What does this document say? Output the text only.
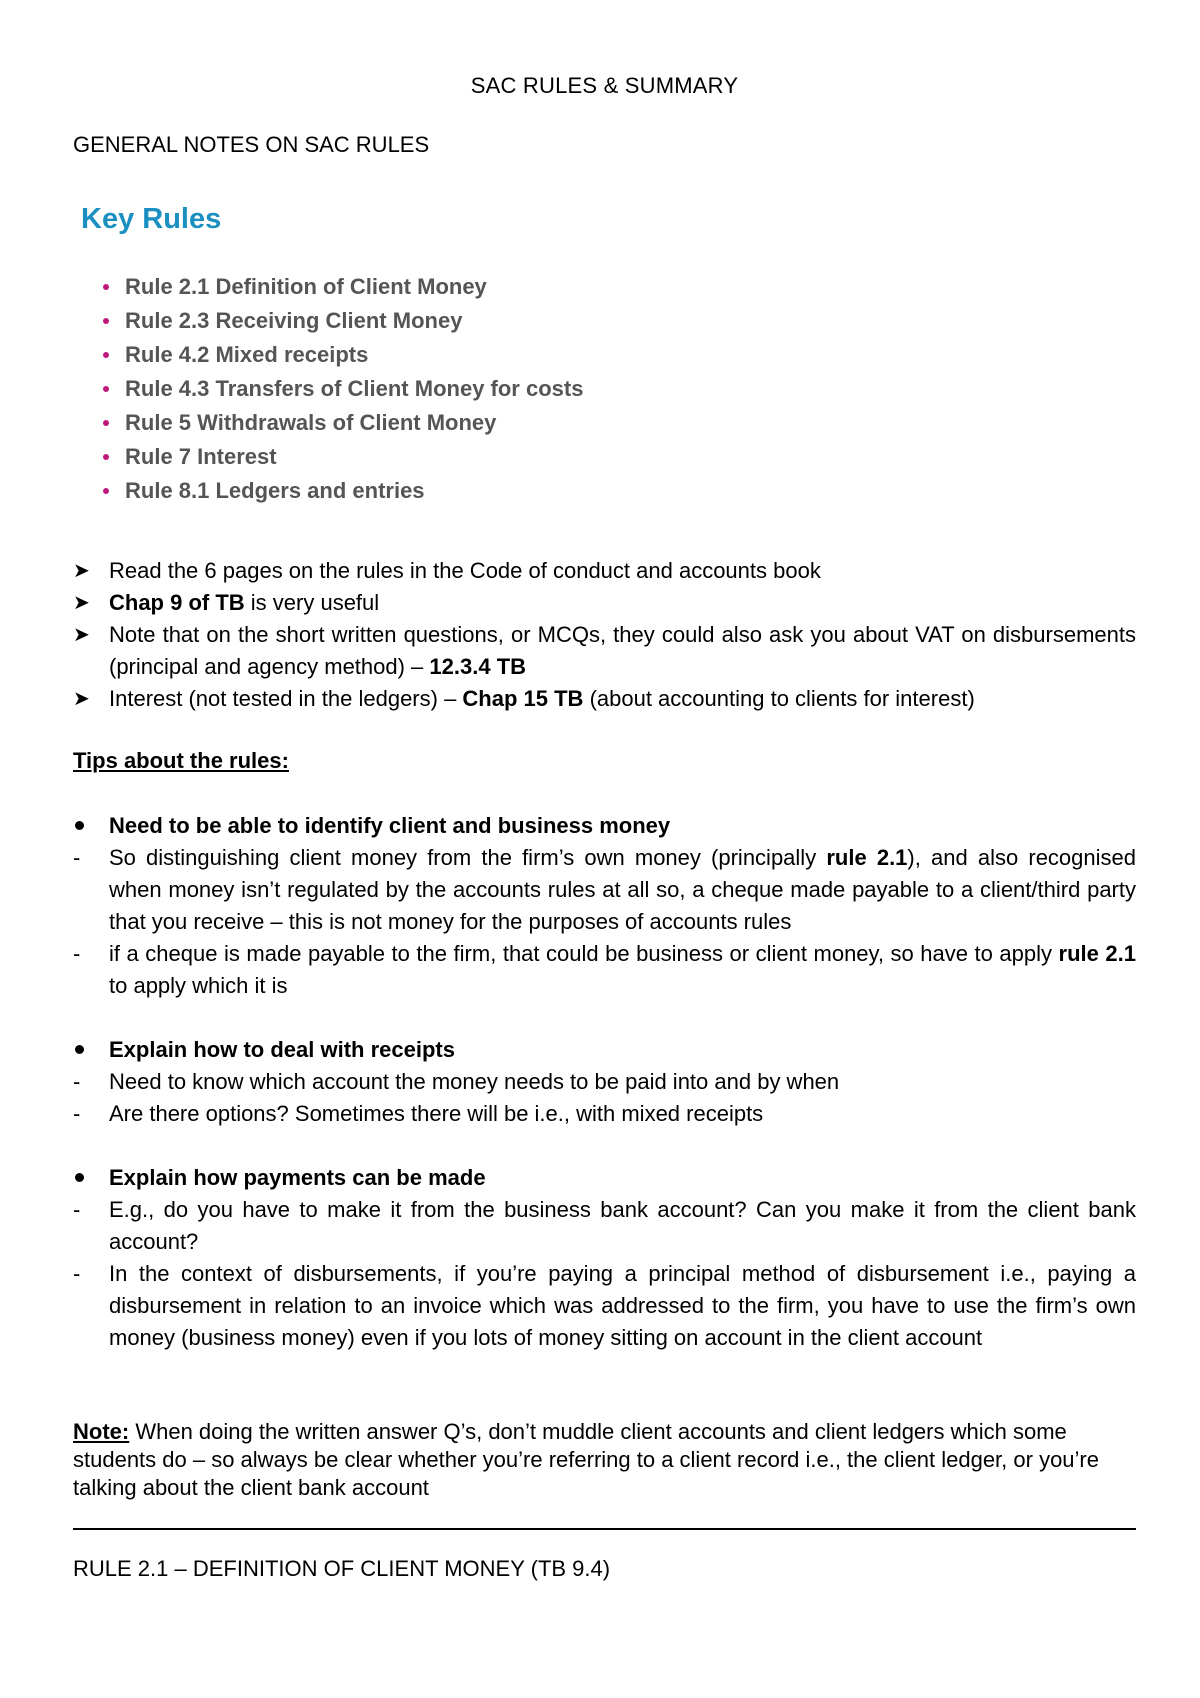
SAC RULES & SUMMARY
GENERAL NOTES ON SAC RULES
Key Rules
Rule 2.1 Definition of Client Money
Rule 2.3 Receiving Client Money
Rule 4.2 Mixed receipts
Rule 4.3 Transfers of Client Money for costs
Rule 5 Withdrawals of Client Money
Rule 7 Interest
Rule 8.1 Ledgers and entries
➤ Read the 6 pages on the rules in the Code of conduct and accounts book
➤ Chap 9 of TB is very useful
➤ Note that on the short written questions, or MCQs, they could also ask you about VAT on disbursements (principal and agency method) – 12.3.4 TB
➤ Interest (not tested in the ledgers) – Chap 15 TB (about accounting to clients for interest)
Tips about the rules:
Need to be able to identify client and business money
- So distinguishing client money from the firm’s own money (principally rule 2.1), and also recognised when money isn’t regulated by the accounts rules at all so, a cheque made payable to a client/third party that you receive – this is not money for the purposes of accounts rules
- if a cheque is made payable to the firm, that could be business or client money, so have to apply rule 2.1 to apply which it is
Explain how to deal with receipts
- Need to know which account the money needs to be paid into and by when
- Are there options? Sometimes there will be i.e., with mixed receipts
Explain how payments can be made
- E.g., do you have to make it from the business bank account? Can you make it from the client bank account?
- In the context of disbursements, if you’re paying a principal method of disbursement i.e., paying a disbursement in relation to an invoice which was addressed to the firm, you have to use the firm’s own money (business money) even if you lots of money sitting on account in the client account
Note: When doing the written answer Q’s, don’t muddle client accounts and client ledgers which some students do – so always be clear whether you’re referring to a client record i.e., the client ledger, or you’re talking about the client bank account
RULE 2.1 – DEFINITION OF CLIENT MONEY (TB 9.4)
